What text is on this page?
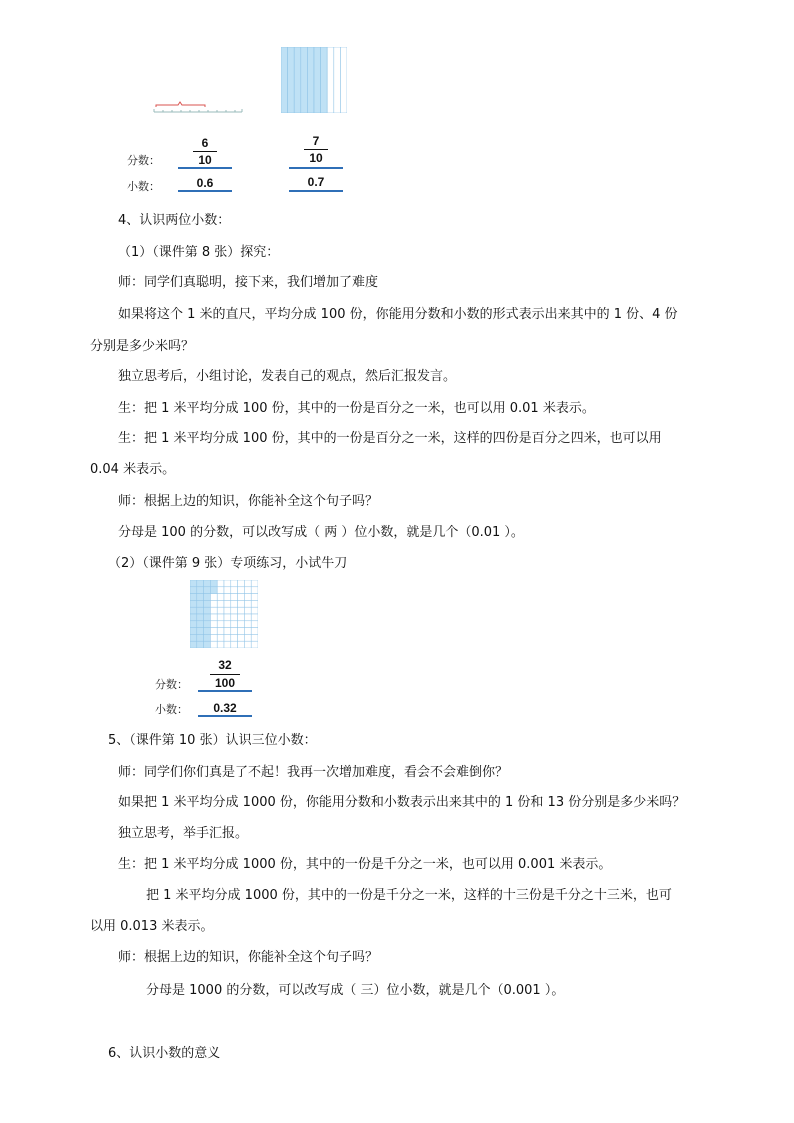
分数：
小数：
6
10
0.6
7
10
0.7
4、认识两位小数：
（1）（课件第 8 张）探究：
师：同学们真聪明，接下来，我们增加了难度
如果将这个 1 米的直尺，平均分成 100 份，你能用分数和小数的形式表示出来其中的 1 份、4 份
分别是多少米吗？
独立思考后，小组讨论，发表自己的观点，然后汇报发言。
生：把 1 米平均分成 100 份，其中的一份是百分之一米，也可以用 0.01 米表示。
生：把 1 米平均分成 100 份，其中的一份是百分之一米，这样的四份是百分之四米，也可以用
0.04 米表示。
师：根据上边的知识，你能补全这个句子吗？
分母是 100 的分数，可以改写成（ 两 ）位小数，就是几个（0.01 ）。
（2）（课件第 9 张）专项练习，小试牛刀
分数：
小数：
32
100
0.32
5、（课件第 10 张）认识三位小数：
师：同学们你们真是了不起！我再一次增加难度，看会不会难倒你？
如果把 1 米平均分成 1000 份，你能用分数和小数表示出来其中的 1 份和 13 份分别是多少米吗？
独立思考，举手汇报。
生：把 1 米平均分成 1000 份，其中的一份是千分之一米，也可以用 0.001 米表示。
把 1 米平均分成 1000 份，其中的一份是千分之一米，这样的十三份是千分之十三米，也可
以用 0.013 米表示。
师：根据上边的知识，你能补全这个句子吗？
分母是 1000 的分数，可以改写成（ 三）位小数，就是几个（0.001 ）。
6、认识小数的意义
